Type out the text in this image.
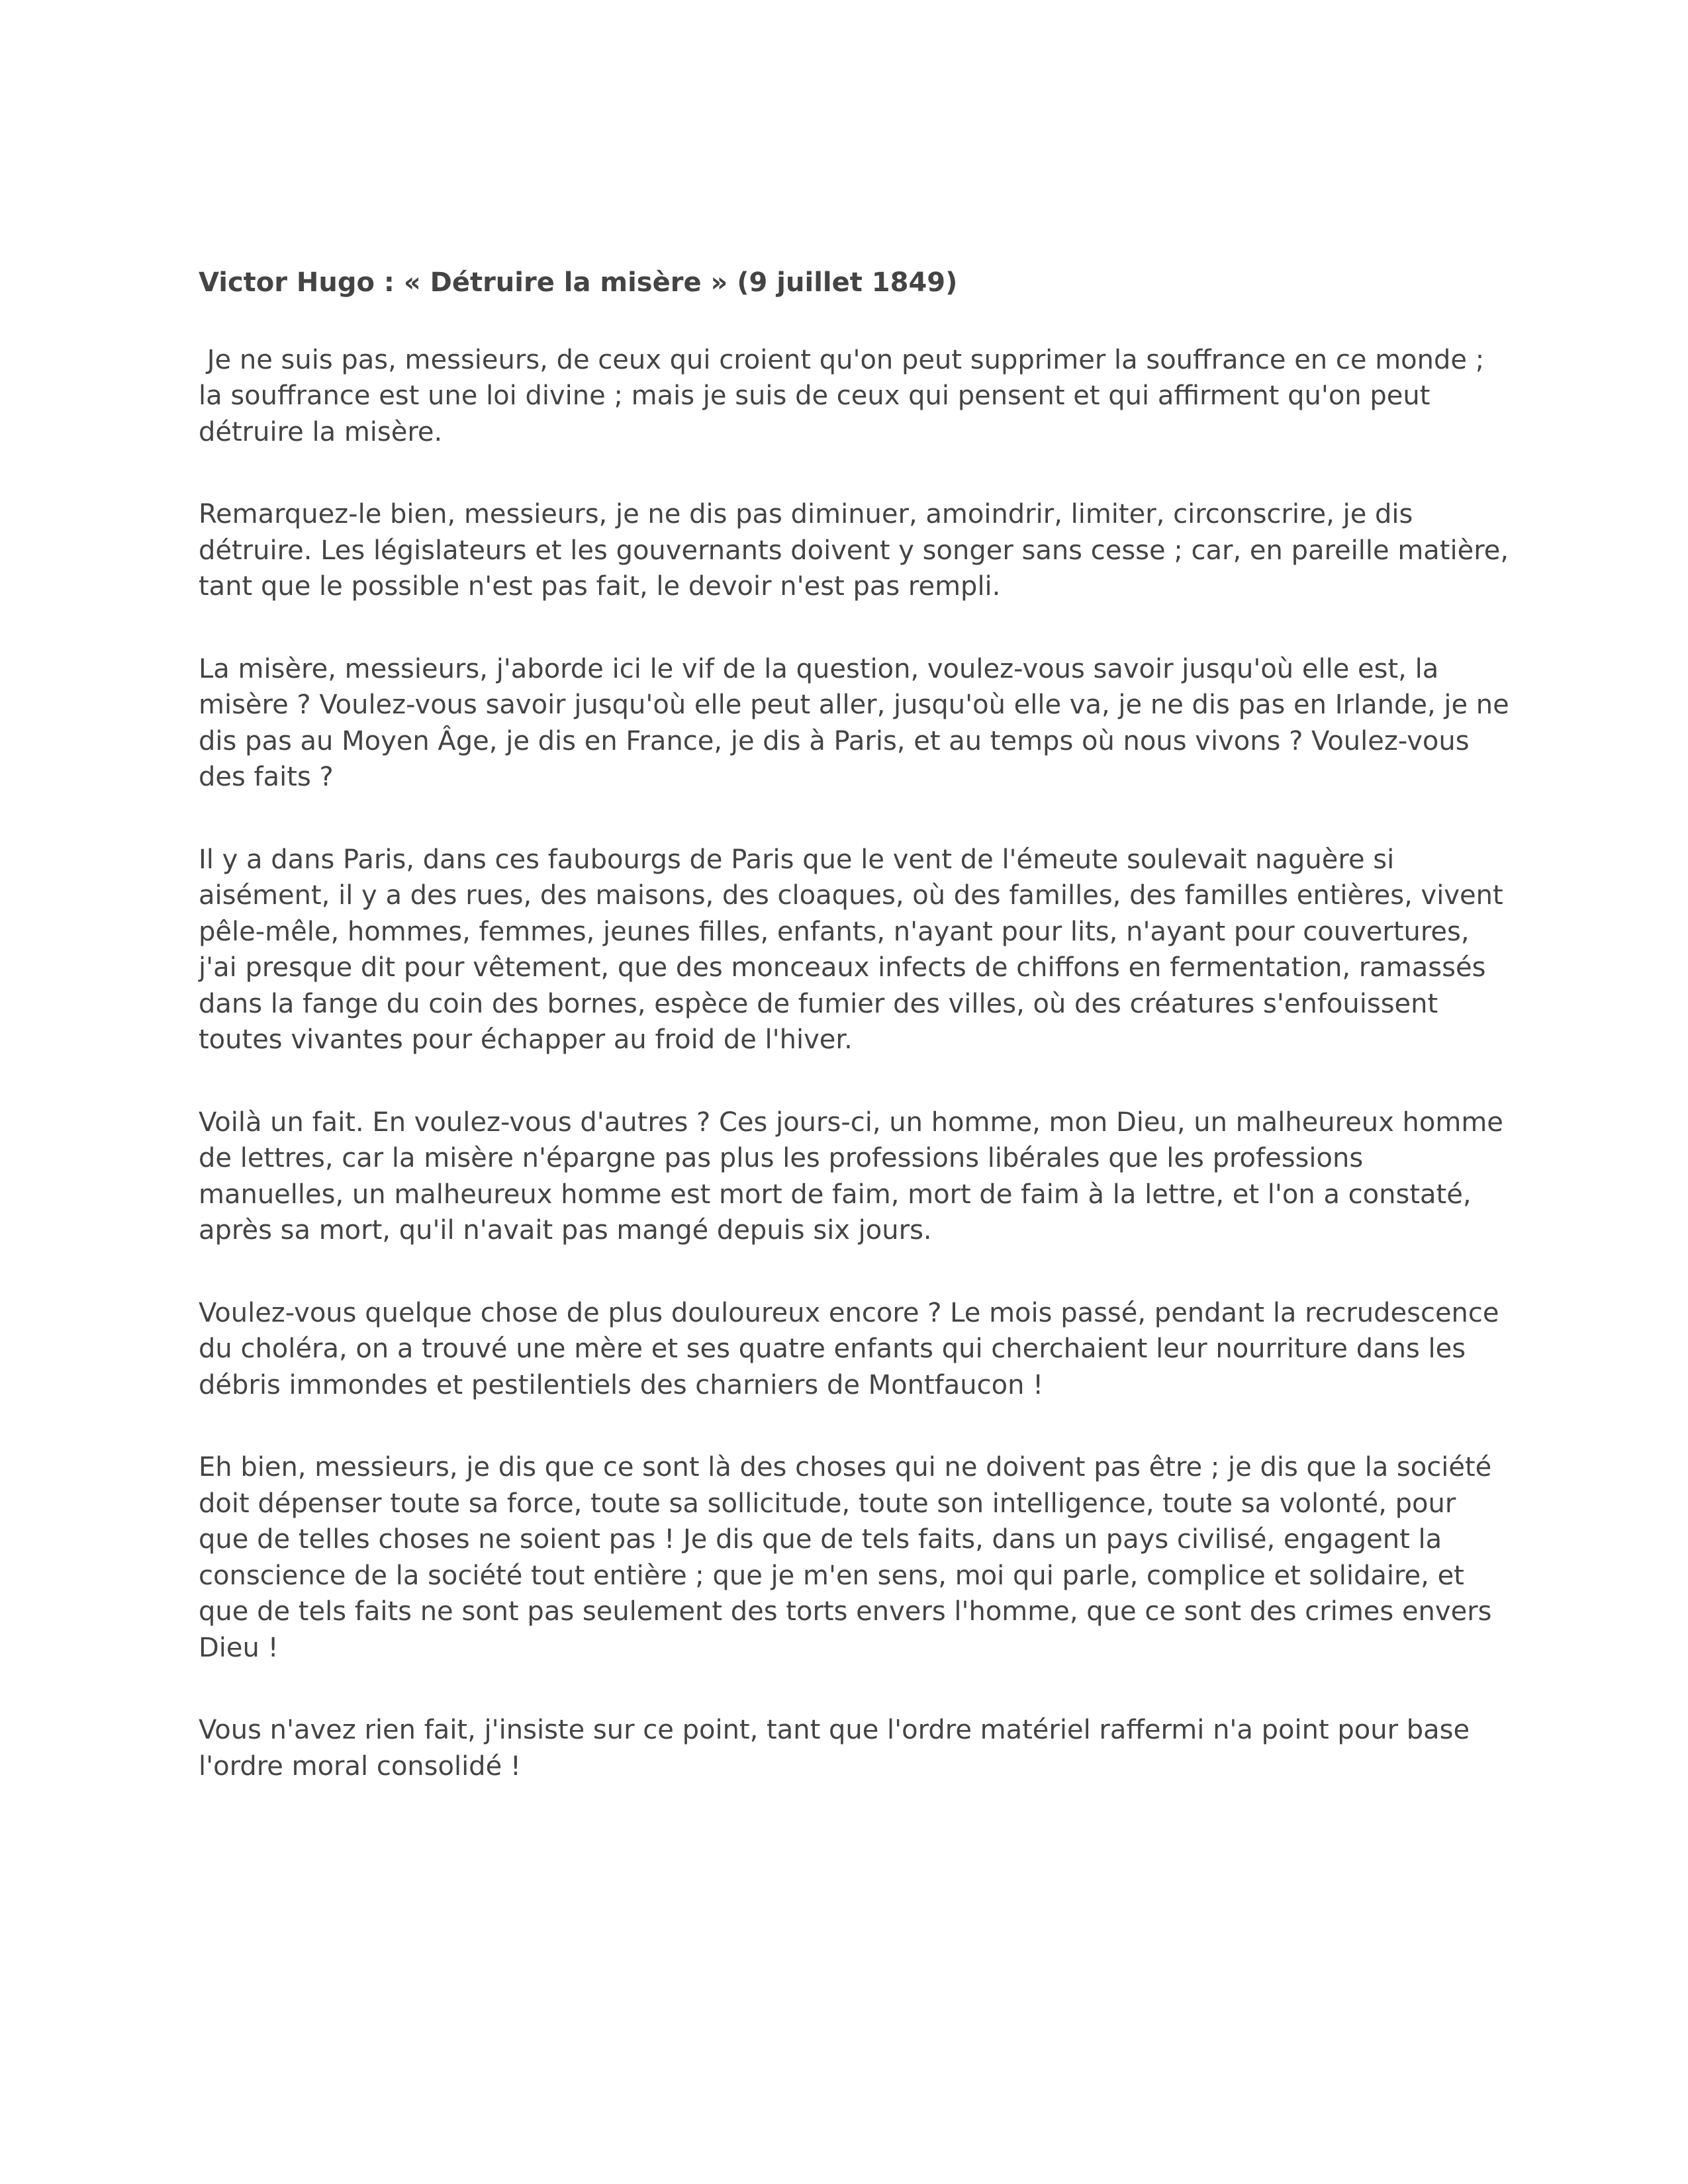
Victor Hugo : « Détruire la misère » (9 juillet 1849)

Je ne suis pas, messieurs, de ceux qui croient qu'on peut supprimer la souffrance en ce monde ; la souffrance est une loi divine ; mais je suis de ceux qui pensent et qui affirment qu'on peut détruire la misère.

Remarquez-le bien, messieurs, je ne dis pas diminuer, amoindrir, limiter, circonscrire, je dis détruire. Les législateurs et les gouvernants doivent y songer sans cesse ; car, en pareille matière, tant que le possible n'est pas fait, le devoir n'est pas rempli.

La misère, messieurs, j'aborde ici le vif de la question, voulez-vous savoir jusqu'où elle est, la misère ? Voulez-vous savoir jusqu'où elle peut aller, jusqu'où elle va, je ne dis pas en Irlande, je ne dis pas au Moyen Âge, je dis en France, je dis à Paris, et au temps où nous vivons ? Voulez-vous des faits ?

Il y a dans Paris, dans ces faubourgs de Paris que le vent de l'émeute soulevait naguère si aisément, il y a des rues, des maisons, des cloaques, où des familles, des familles entières, vivent pêle-mêle, hommes, femmes, jeunes filles, enfants, n'ayant pour lits, n'ayant pour couvertures, j'ai presque dit pour vêtement, que des monceaux infects de chiffons en fermentation, ramassés dans la fange du coin des bornes, espèce de fumier des villes, où des créatures s'enfouissent toutes vivantes pour échapper au froid de l'hiver.

Voilà un fait. En voulez-vous d'autres ? Ces jours-ci, un homme, mon Dieu, un malheureux homme de lettres, car la misère n'épargne pas plus les professions libérales que les professions manuelles, un malheureux homme est mort de faim, mort de faim à la lettre, et l'on a constaté, après sa mort, qu'il n'avait pas mangé depuis six jours.

Voulez-vous quelque chose de plus douloureux encore ? Le mois passé, pendant la recrudescence du choléra, on a trouvé une mère et ses quatre enfants qui cherchaient leur nourriture dans les débris immondes et pestilentiels des charniers de Montfaucon !

Eh bien, messieurs, je dis que ce sont là des choses qui ne doivent pas être ; je dis que la société doit dépenser toute sa force, toute sa sollicitude, toute son intelligence, toute sa volonté, pour que de telles choses ne soient pas ! Je dis que de tels faits, dans un pays civilisé, engagent la conscience de la société tout entière ; que je m'en sens, moi qui parle, complice et solidaire, et que de tels faits ne sont pas seulement des torts envers l'homme, que ce sont des crimes envers Dieu !

Vous n'avez rien fait, j'insiste sur ce point, tant que l'ordre matériel raffermi n'a point pour base l'ordre moral consolidé !
